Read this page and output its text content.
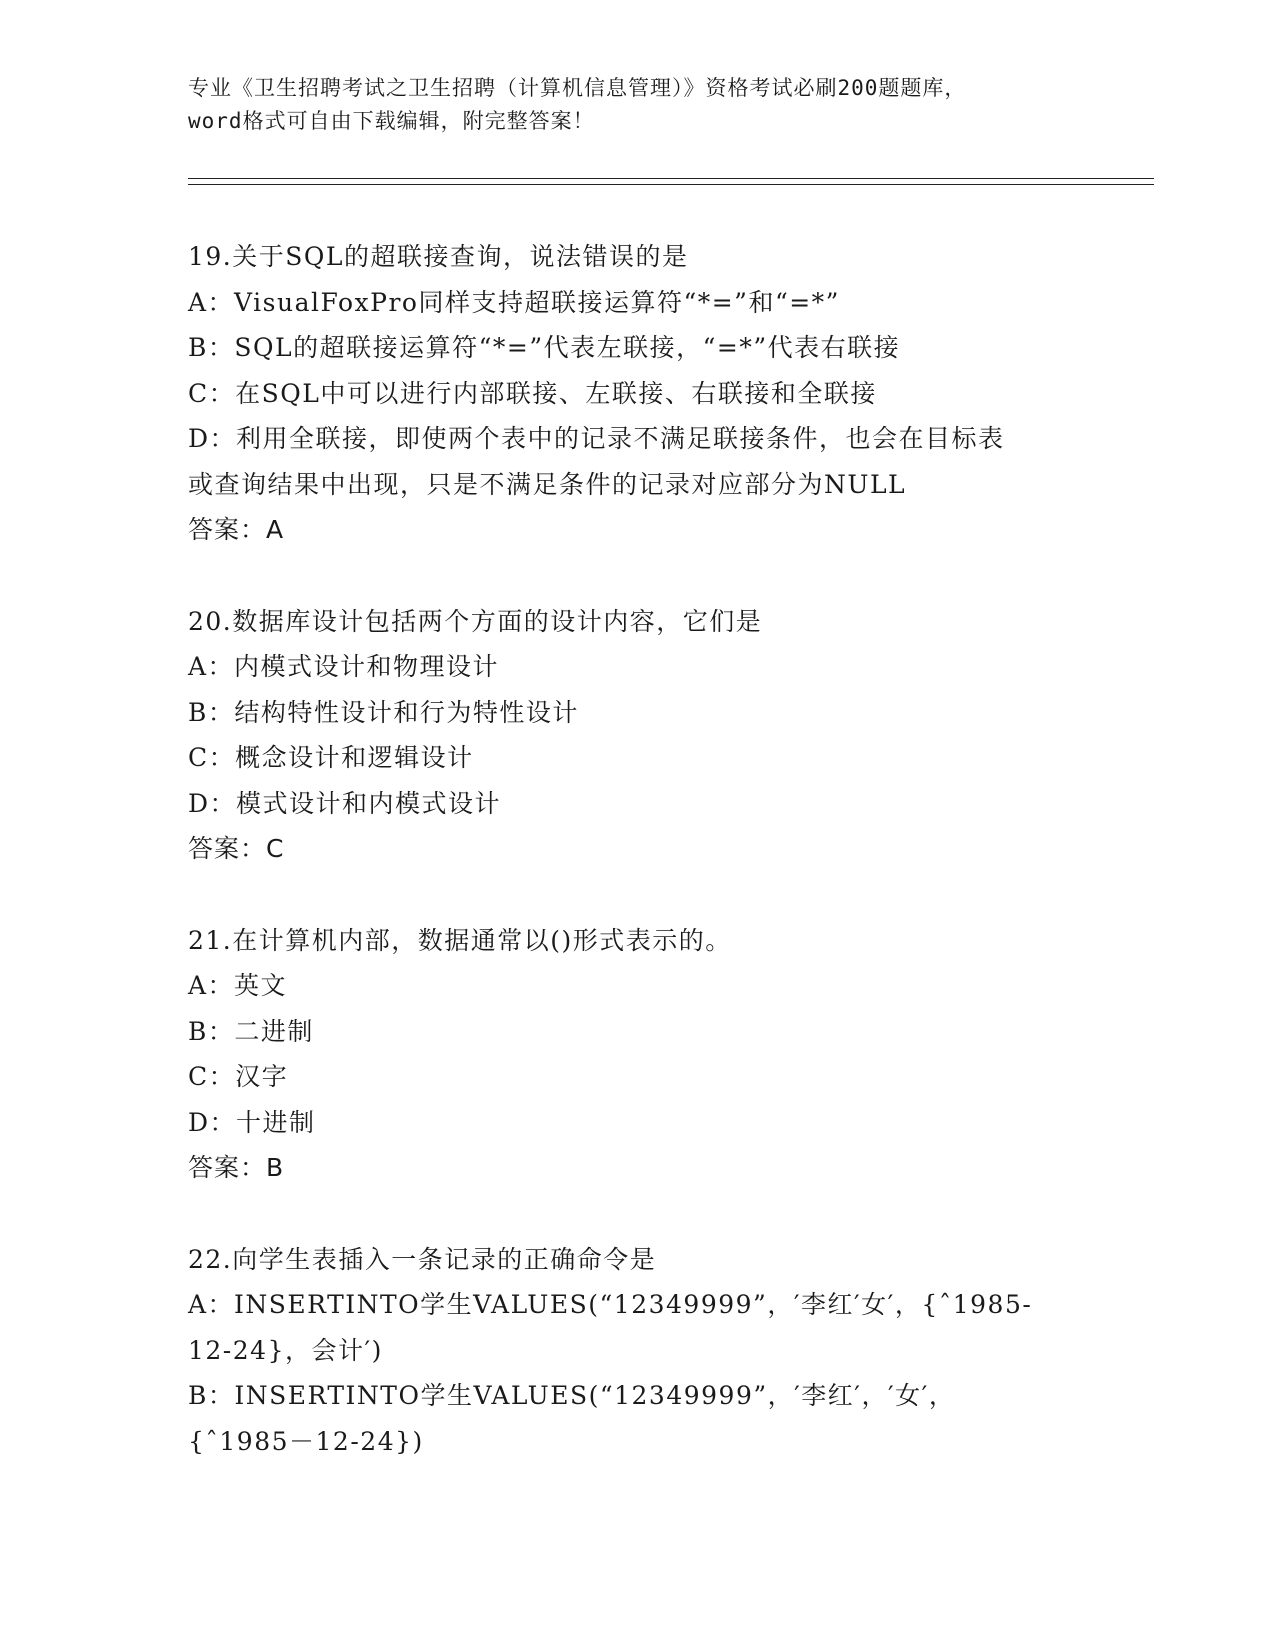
专业《卫生招聘考试之卫生招聘（计算机信息管理）》资格考试必刷200题题库，
word格式可自由下载编辑，附完整答案！
19.关于SQL的超联接查询，说法错误的是
A：VisualFoxPro同样支持超联接运算符“*=”和“=*”
B：SQL的超联接运算符“*=”代表左联接，“=*”代表右联接
C：在SQL中可以进行内部联接、左联接、右联接和全联接
D：利用全联接，即使两个表中的记录不满足联接条件，也会在目标表
或查询结果中出现，只是不满足条件的记录对应部分为NULL
答案：A
20.数据库设计包括两个方面的设计内容，它们是
A：内模式设计和物理设计
B：结构特性设计和行为特性设计
C：概念设计和逻辑设计
D：模式设计和内模式设计
答案：C
21.在计算机内部，数据通常以()形式表示的。
A：英文
B：二进制
C：汉字
D：十进制
答案：B
22.向学生表插入一条记录的正确命令是
A：INSERTINTO学生VALUES(“12349999”，′李红′女′，{ˆ1985-
12-24}，会计′)
B：INSERTINTO学生VALUES(“12349999”，′李红′，′女′，
{ˆ1985－12-24})
